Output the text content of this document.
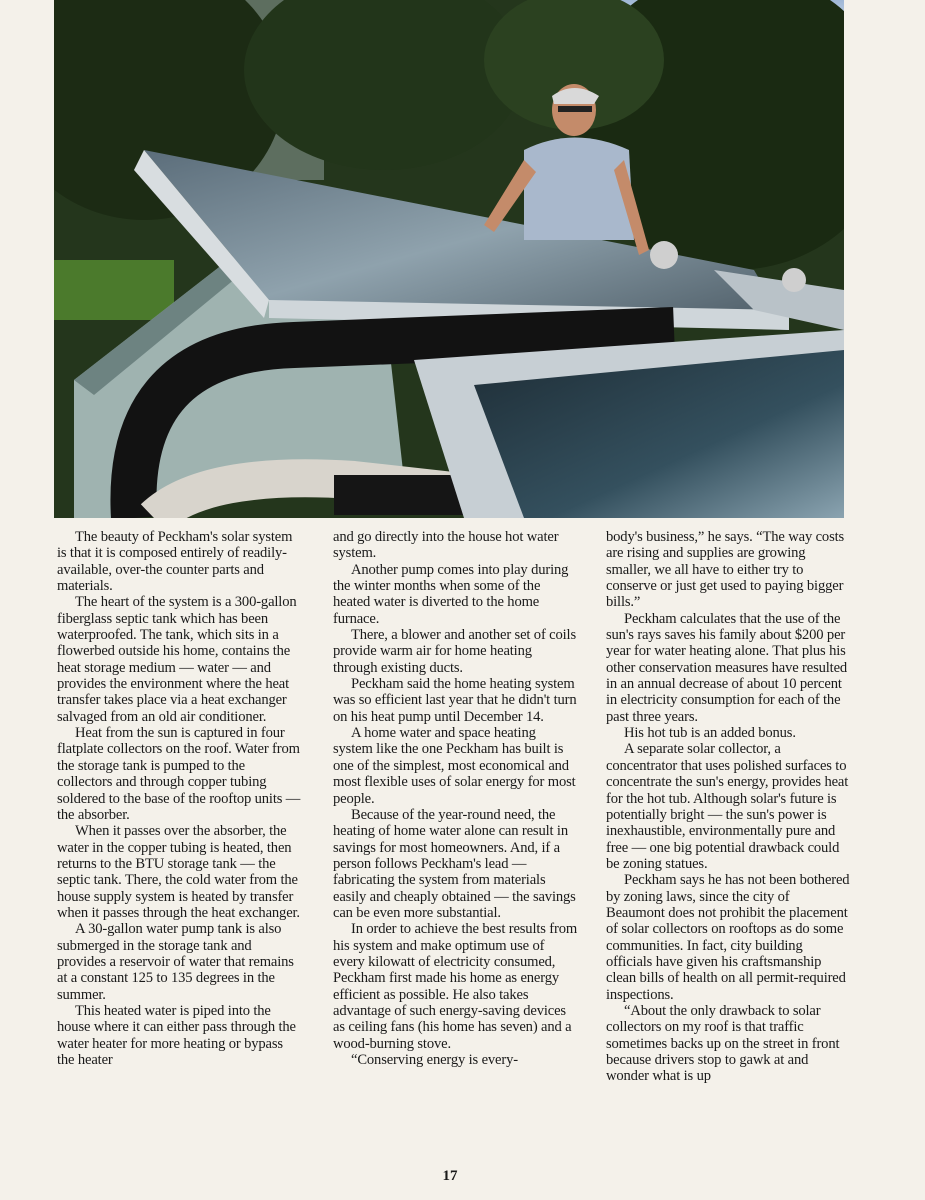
The beauty of Peckham's solar system is that it is composed entirely of readily-available, over-the counter parts and materials.

The heart of the system is a 300-gallon fiberglass septic tank which has been waterproofed. The tank, which sits in a flowerbed outside his home, contains the heat storage medium — water — and provides the environment where the heat transfer takes place via a heat exchanger salvaged from an old air conditioner.

Heat from the sun is captured in four flatplate collectors on the roof. Water from the storage tank is pumped to the collectors and through copper tubing soldered to the base of the rooftop units — the absorber.

When it passes over the absorber, the water in the copper tubing is heated, then returns to the BTU storage tank — the septic tank. There, the cold water from the house supply system is heated by transfer when it passes through the heat exchanger.

A 30-gallon water pump tank is also submerged in the storage tank and provides a reservoir of water that remains at a constant 125 to 135 degrees in the summer.

This heated water is piped into the house where it can either pass through the water heater for more heating or bypass the heater

and go directly into the house hot water system.

Another pump comes into play during the winter months when some of the heated water is diverted to the home furnace.

There, a blower and another set of coils provide warm air for home heating through existing ducts.

Peckham said the home heating system was so efficient last year that he didn't turn on his heat pump until December 14.

A home water and space heating system like the one Peckham has built is one of the simplest, most economical and most flexible uses of solar energy for most people.

Because of the year-round need, the heating of home water alone can result in savings for most homeowners. And, if a person follows Peckham's lead — fabricating the system from materials easily and cheaply obtained — the savings can be even more substantial.

In order to achieve the best results from his system and make optimum use of every kilowatt of electricity consumed, Peckham first made his home as energy efficient as possible. He also takes advantage of such energy-saving devices as ceiling fans (his home has seven) and a wood-burning stove.

“Conserving energy is every-

body's business,” he says. “The way costs are rising and supplies are growing smaller, we all have to either try to conserve or just get used to paying bigger bills.”

Peckham calculates that the use of the sun's rays saves his family about $200 per year for water heating alone. That plus his other conservation measures have resulted in an annual decrease of about 10 percent in electricity consumption for each of the past three years.

His hot tub is an added bonus.

A separate solar collector, a concentrator that uses polished surfaces to concentrate the sun's energy, provides heat for the hot tub. Although solar's future is potentially bright — the sun's power is inexhaustible, environmentally pure and free — one big potential drawback could be zoning statues.

Peckham says he has not been bothered by zoning laws, since the city of Beaumont does not prohibit the placement of solar collectors on rooftops as do some communities. In fact, city building officials have given his craftsmanship clean bills of health on all permit-required inspections.

“About the only drawback to solar collectors on my roof is that traffic sometimes backs up on the street in front because drivers stop to gawk at and wonder what is up

17
